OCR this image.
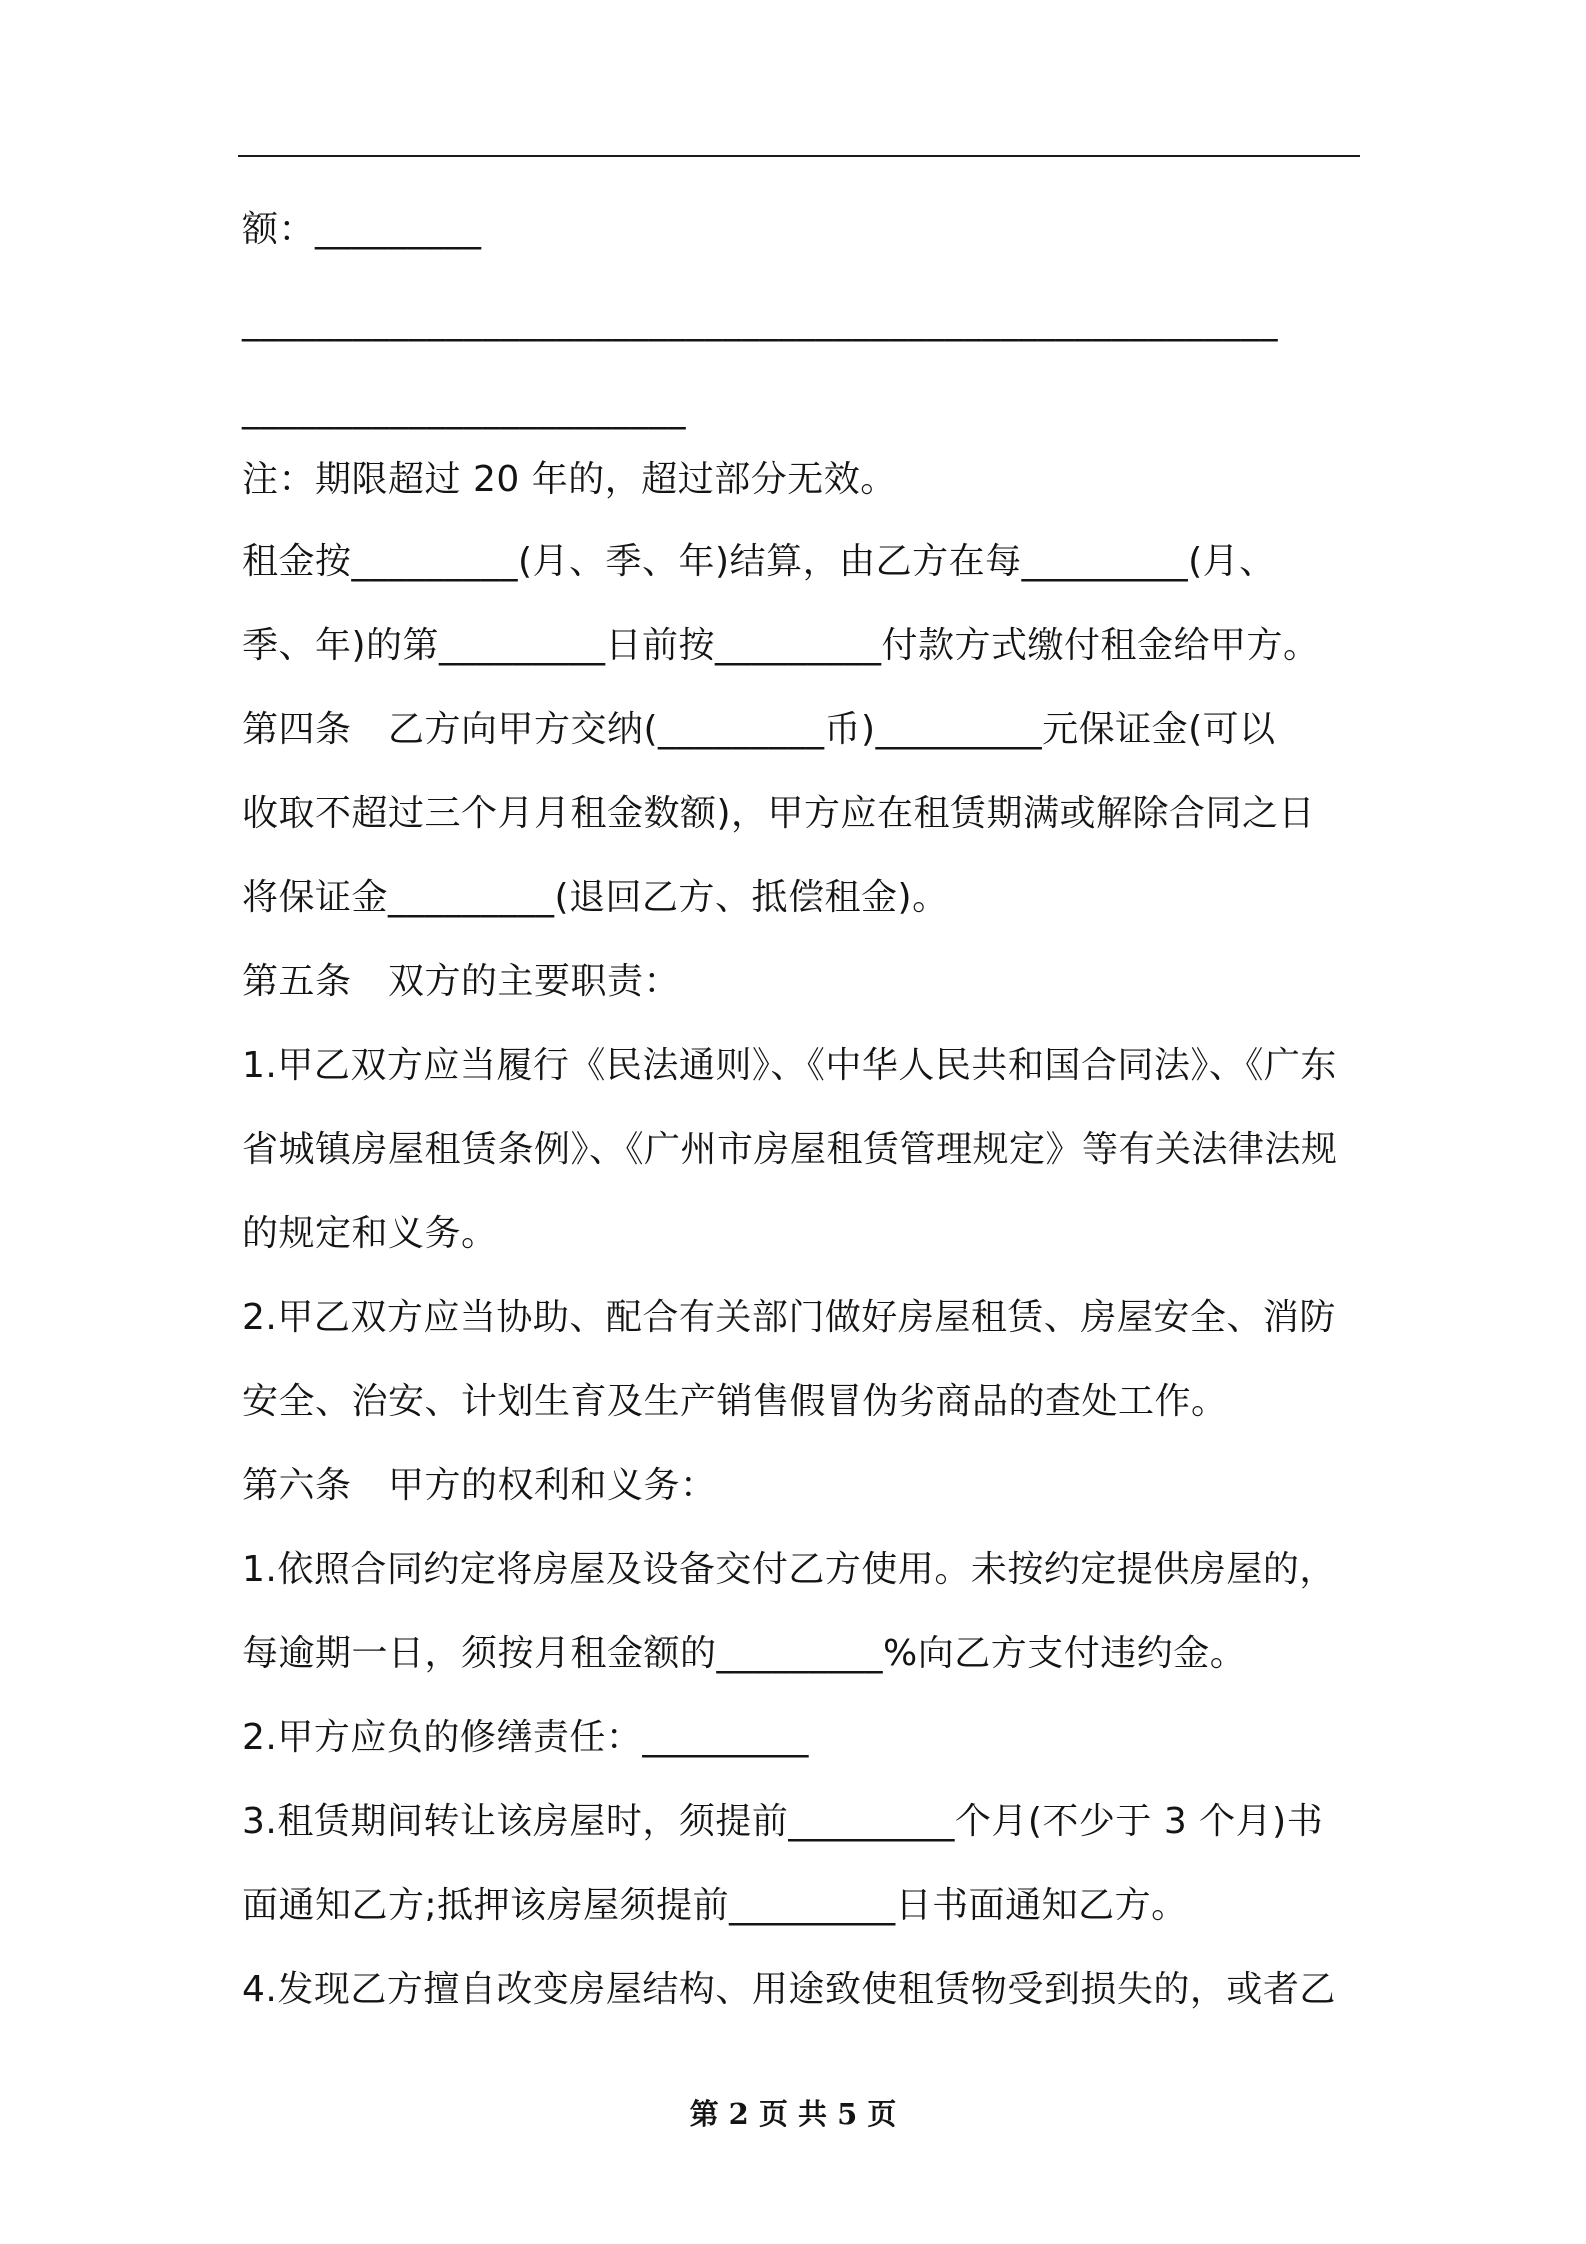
额：_________
________________________________________________________
________________________
注：期限超过 20 年的，超过部分无效。
租金按_________(月、季、年)结算，由乙方在每_________(月、
季、年)的第_________日前按_________付款方式缴付租金给甲方。
第四条　乙方向甲方交纳(_________币)_________元保证金(可以
收取不超过三个月月租金数额)，甲方应在租赁期满或解除合同之日
将保证金_________(退回乙方、抵偿租金)。
第五条　双方的主要职责：
1.甲乙双方应当履行《民法通则》、《中华人民共和国合同法》、《广东
省城镇房屋租赁条例》、《广州市房屋租赁管理规定》等有关法律法规
的规定和义务。
2.甲乙双方应当协助、配合有关部门做好房屋租赁、房屋安全、消防
安全、治安、计划生育及生产销售假冒伪劣商品的查处工作。
第六条　甲方的权利和义务：
1.依照合同约定将房屋及设备交付乙方使用。未按约定提供房屋的，
每逾期一日，须按月租金额的_________%向乙方支付违约金。
2.甲方应负的修缮责任：_________
3.租赁期间转让该房屋时，须提前_________个月(不少于 3 个月)书
面通知乙方;抵押该房屋须提前_________日书面通知乙方。
4.发现乙方擅自改变房屋结构、用途致使租赁物受到损失的，或者乙
第 2 页 共 5 页
